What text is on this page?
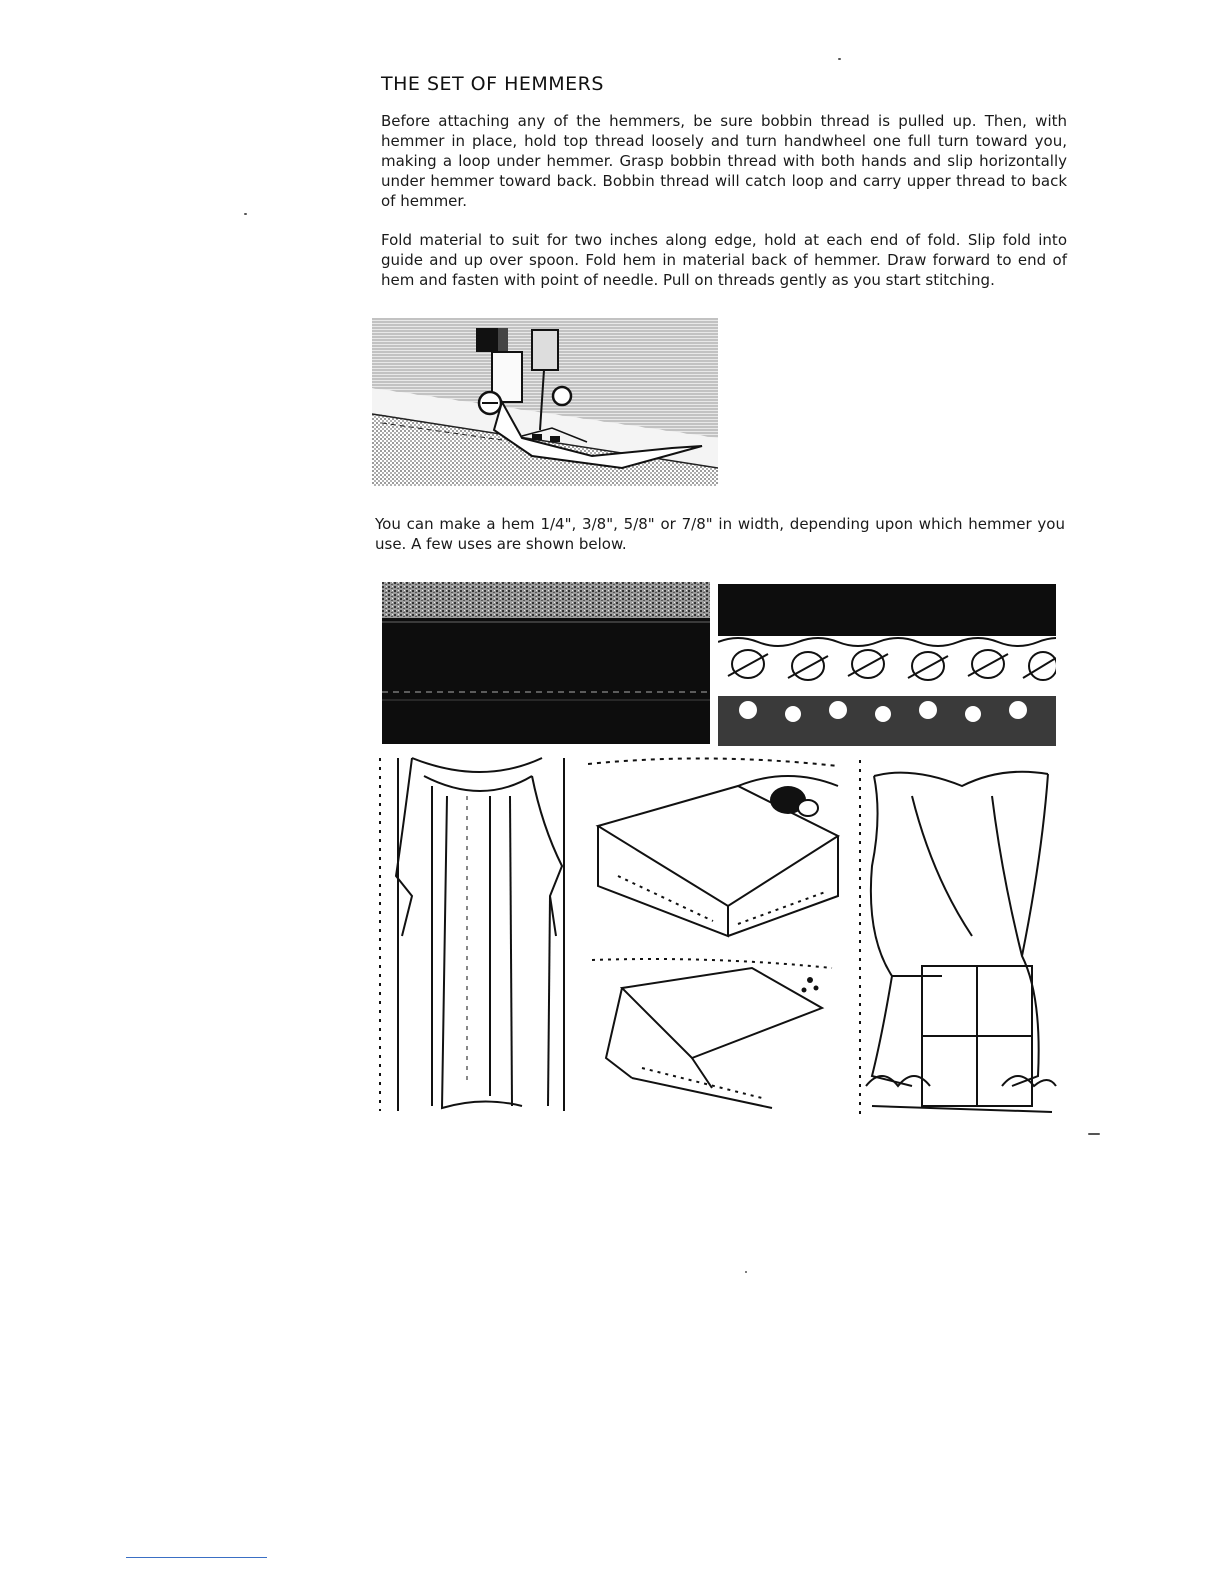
THE SET OF HEMMERS

Before attaching any of the hemmers, be sure bobbin thread is pulled up. Then, with hemmer in place, hold top thread loosely and turn handwheel one full turn toward you, making a loop under hemmer. Grasp bobbin thread with both hands and slip horizontally under hemmer toward back. Bobbin thread will catch loop and carry upper thread to back of hemmer.

Fold material to suit for two inches along edge, hold at each end of fold. Slip fold into guide and up over spoon. Fold hem in material back of hemmer. Draw forward to end of hem and fasten with point of needle. Pull on threads gently as you start stitching.

You can make a hem 1/4", 3/8", 5/8" or 7/8" in width, depending upon which hemmer you use. A few uses are shown below.
